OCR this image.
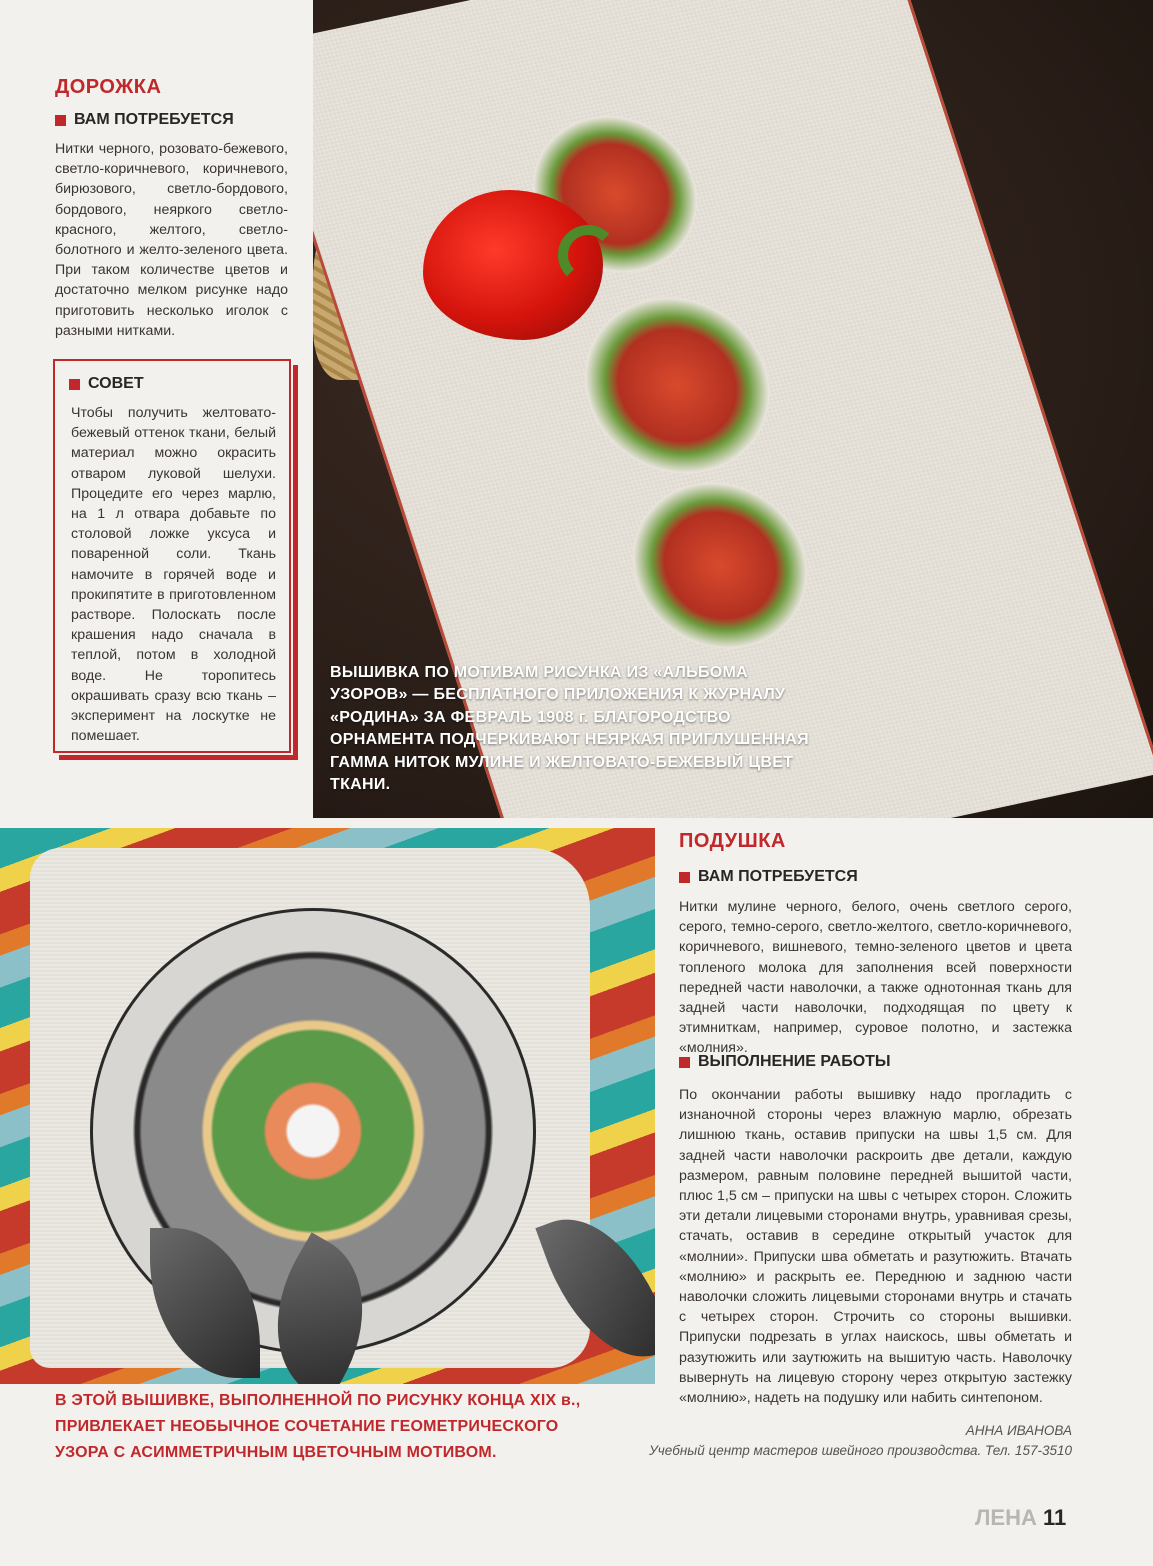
ДОРОЖКА
ВАМ ПОТРЕБУЕТСЯ
Нитки черного, розовато-бежевого, светло-коричневого, коричневого, бирюзового, светло-бордового, бордового, неяркого светло-красного, желтого, светло-болотного и желто-зеленого цвета. При таком количестве цветов и достаточно мелком рисунке надо приготовить несколько иголок с разными нитками.
СОВЕТ
Чтобы получить желтовато-бежевый оттенок ткани, белый материал можно окрасить отваром луковой шелухи. Процедите его через марлю, на 1 л отвара добавьте по столовой ложке уксуса и поваренной соли. Ткань намочите в горячей воде и прокипятите в приготовленном растворе. Полоскать после крашения надо сначала в теплой, потом в холодной воде. Не торопитесь окрашивать сразу всю ткань – эксперимент на лоскутке не помешает.
ВЫШИВКА ПО МОТИВАМ РИСУНКА ИЗ «АЛЬБОМА УЗОРОВ» — БЕСПЛАТНОГО ПРИЛОЖЕНИЯ К ЖУРНАЛУ «РОДИНА» ЗА ФЕВРАЛЬ 1908 г. БЛАГОРОДСТВО ОРНАМЕНТА ПОДЧЕРКИВАЮТ НЕЯРКАЯ ПРИГЛУШЕННАЯ ГАММА НИТОК МУЛИНЕ И ЖЕЛТОВАТО-БЕЖЕВЫЙ ЦВЕТ ТКАНИ.
В ЭТОЙ ВЫШИВКЕ, ВЫПОЛНЕННОЙ ПО РИСУНКУ КОНЦА XIX в., ПРИВЛЕКАЕТ НЕОБЫЧНОЕ СОЧЕТАНИЕ ГЕОМЕТРИЧЕСКОГО УЗОРА С АСИММЕТРИЧНЫМ ЦВЕТОЧНЫМ МОТИВОМ.
ПОДУШКА
ВАМ ПОТРЕБУЕТСЯ
Нитки мулине черного, белого, очень светлого серого, серого, темно-серого, светло-желтого, светло-коричневого, коричневого, вишневого, темно-зеленого цветов и цвета топленого молока для заполнения всей поверхности передней части наволочки, а также однотонная ткань для задней части наволочки, подходящая по цвету к этимниткам, например, суровое полотно, и застежка «молния».
ВЫПОЛНЕНИЕ РАБОТЫ
По окончании работы вышивку надо прогладить с изнаночной стороны через влажную марлю, обрезать лишнюю ткань, оставив припуски на швы 1,5 см. Для задней части наволочки раскроить две детали, каждую размером, равным половине передней вышитой части, плюс 1,5 см – припуски на швы с четырех сторон. Сложить эти детали лицевыми сторонами внутрь, уравнивая срезы, стачать, оставив в середине открытый участок для «молнии». Припуски шва обметать и разутюжить. Втачать «молнию» и раскрыть ее. Переднюю и заднюю части наволочки сложить лицевыми сторонами внутрь и стачать с четырех сторон. Строчить со стороны вышивки. Припуски подрезать в углах наискось, швы обметать и разутюжить или заутюжить на вышитую часть. Наволочку вывернуть на лицевую сторону через открытую застежку «молнию», надеть на подушку или набить синтепоном.
АННА ИВАНОВА
Учебный центр мастеров швейного производства. Тел. 157-3510
ЛЕНА 11
